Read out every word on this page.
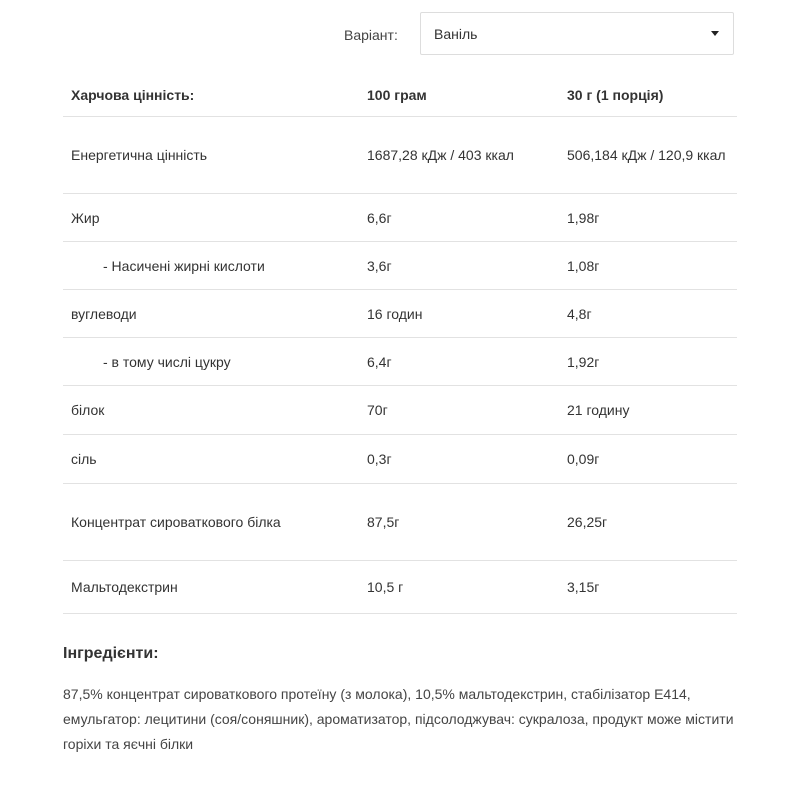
Варіант:	Ваніль
Харчова цінність:	100 грам	30 г (1 порція)
Енергетична цінність	1687,28 кДж / 403 ккал	506,184 кДж / 120,9 ккал
Жир	6,6г	1,98г
- Насичені жирні кислоти	3,6г	1,08г
вуглеводи	16 годин	4,8г
- в тому числі цукру	6,4г	1,92г
білок	70г	21 годину
сіль	0,3г	0,09г
Концентрат сироваткового білка	87,5г	26,25г
Мальтодекстрин	10,5 г	3,15г
Інгредієнти:

87,5% концентрат сироваткового протеїну (з молока), 10,5% мальтодекстрин, стабілізатор E414, емульгатор: лецитини (соя/соняшник), ароматизатор, підсолоджувач: сукралоза, продукт може містити горіхи та яєчні білки
